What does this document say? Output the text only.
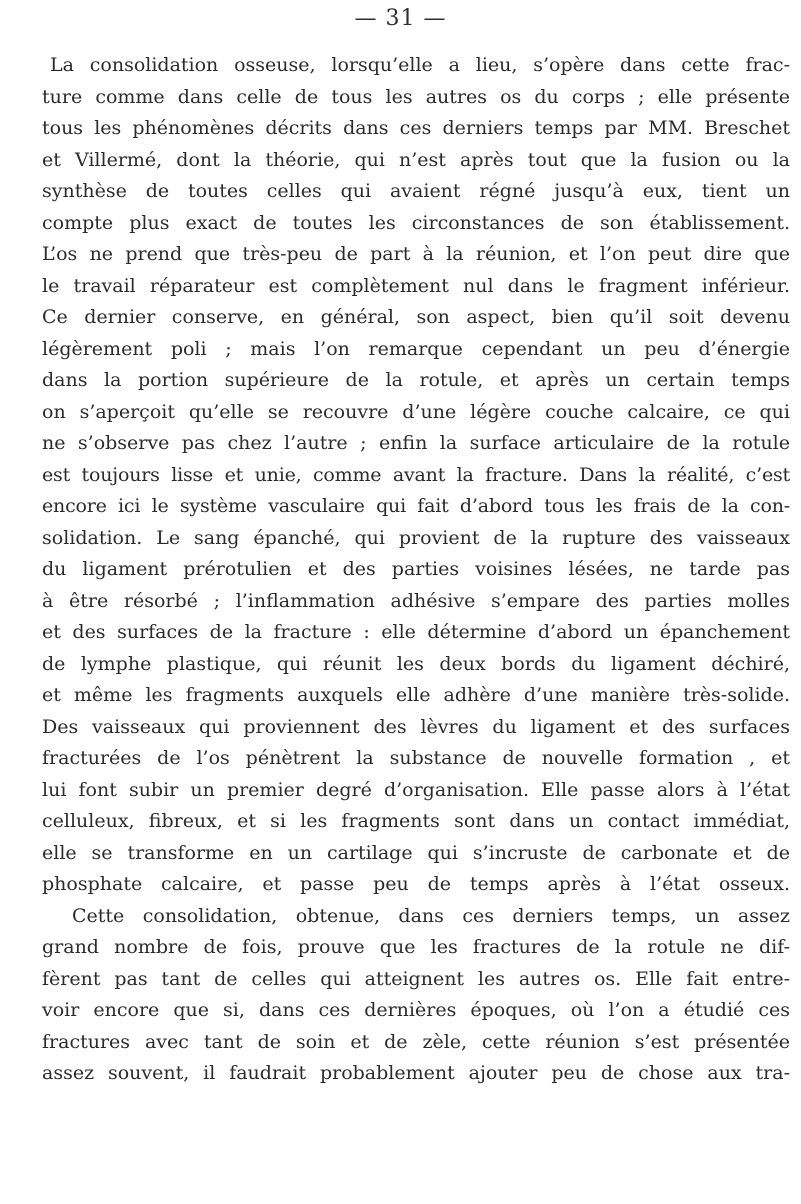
— 31 —
La consolidation osseuse, lorsqu’elle a lieu, s’opère dans cette frac-
ture comme dans celle de tous les autres os du corps ; elle présente
tous les phénomènes décrits dans ces derniers temps par MM. Breschet
et Villermé, dont la théorie, qui n’est après tout que la fusion ou la
synthèse de toutes celles qui avaient régné jusqu’à eux, tient un
compte plus exact de toutes les circonstances de son établissement.
L’os ne prend que très-peu de part à la réunion, et l’on peut dire que
le travail réparateur est complètement nul dans le fragment inférieur.
Ce dernier conserve, en général, son aspect, bien qu’il soit devenu
légèrement poli ; mais l’on remarque cependant un peu d’énergie
dans la portion supérieure de la rotule, et après un certain temps
on s’aperçoit qu’elle se recouvre d’une légère couche calcaire, ce qui
ne s’observe pas chez l’autre ; enfin la surface articulaire de la rotule
est toujours lisse et unie, comme avant la fracture. Dans la réalité, c’est
encore ici le système vasculaire qui fait d’abord tous les frais de la con-
solidation. Le sang épanché, qui provient de la rupture des vaisseaux
du ligament prérotulien et des parties voisines lésées, ne tarde pas
à être résorbé ; l’inflammation adhésive s’empare des parties molles
et des surfaces de la fracture : elle détermine d’abord un épanchement
de lymphe plastique, qui réunit les deux bords du ligament déchiré,
et même les fragments auxquels elle adhère d’une manière très-solide.
Des vaisseaux qui proviennent des lèvres du ligament et des surfaces
fracturées de l’os pénètrent la substance de nouvelle formation , et
lui font subir un premier degré d’organisation. Elle passe alors à l’état
celluleux, fibreux, et si les fragments sont dans un contact immédiat,
elle se transforme en un cartilage qui s’incruste de carbonate et de
phosphate calcaire, et passe peu de temps après à l’état osseux.
Cette consolidation, obtenue, dans ces derniers temps, un assez
grand nombre de fois, prouve que les fractures de la rotule ne dif-
fèrent pas tant de celles qui atteignent les autres os. Elle fait entre-
voir encore que si, dans ces dernières époques, où l’on a étudié ces
fractures avec tant de soin et de zèle, cette réunion s’est présentée
assez souvent, il faudrait probablement ajouter peu de chose aux tra-
